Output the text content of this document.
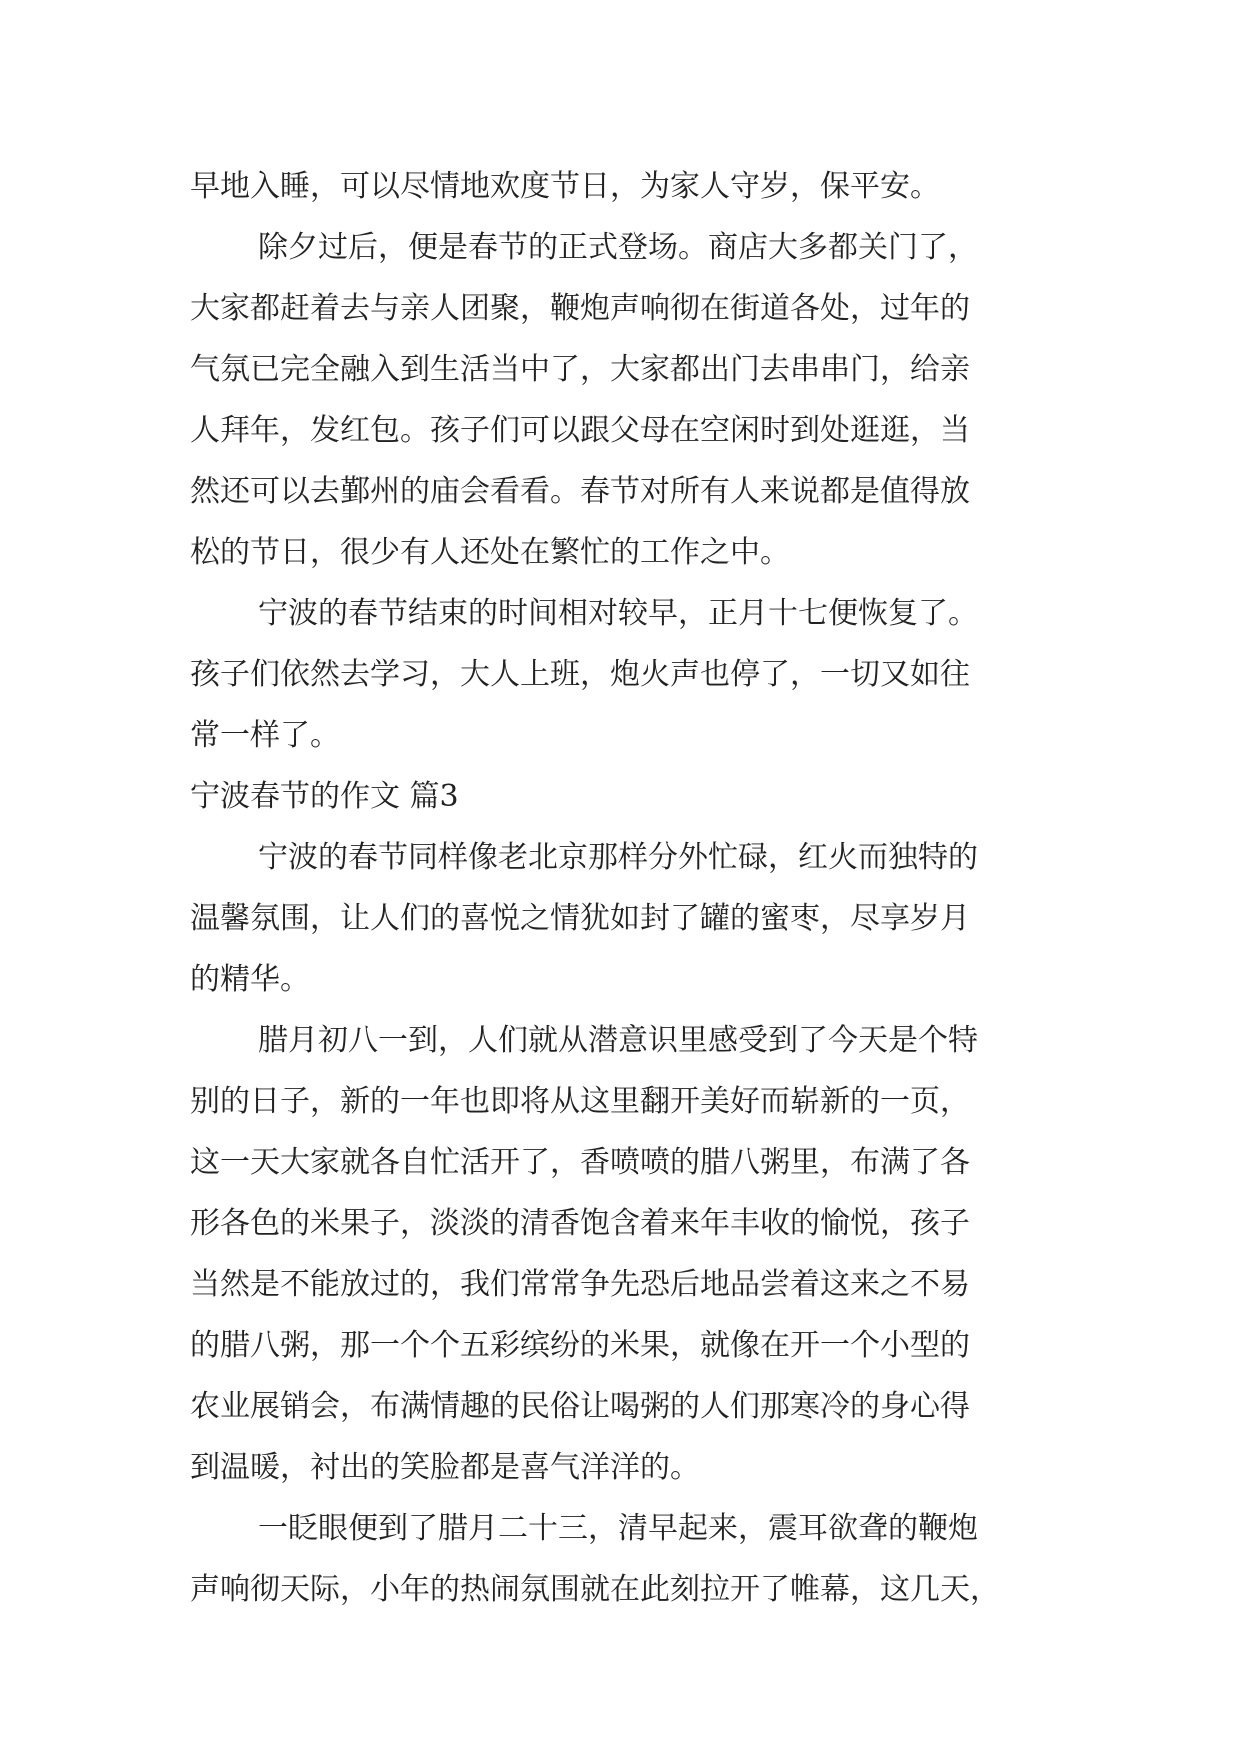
早地入睡，可以尽情地欢度节日，为家人守岁，保平安。
除夕过后，便是春节的正式登场。商店大多都关门了，
大家都赶着去与亲人团聚，鞭炮声响彻在街道各处，过年的
气氛已完全融入到生活当中了，大家都出门去串串门，给亲
人拜年，发红包。孩子们可以跟父母在空闲时到处逛逛，当
然还可以去鄞州的庙会看看。春节对所有人来说都是值得放
松的节日，很少有人还处在繁忙的工作之中。
宁波的春节结束的时间相对较早，正月十七便恢复了。
孩子们依然去学习，大人上班，炮火声也停了，一切又如往
常一样了。
宁波春节的作文 篇3
宁波的春节同样像老北京那样分外忙碌，红火而独特的
温馨氛围，让人们的喜悦之情犹如封了罐的蜜枣，尽享岁月
的精华。
腊月初八一到，人们就从潜意识里感受到了今天是个特
别的日子，新的一年也即将从这里翻开美好而崭新的一页，
这一天大家就各自忙活开了，香喷喷的腊八粥里，布满了各
形各色的米果子，淡淡的清香饱含着来年丰收的愉悦，孩子
当然是不能放过的，我们常常争先恐后地品尝着这来之不易
的腊八粥，那一个个五彩缤纷的米果，就像在开一个小型的
农业展销会，布满情趣的民俗让喝粥的人们那寒冷的身心得
到温暖，衬出的笑脸都是喜气洋洋的。
一眨眼便到了腊月二十三，清早起来，震耳欲聋的鞭炮
声响彻天际，小年的热闹氛围就在此刻拉开了帷幕，这几天，
